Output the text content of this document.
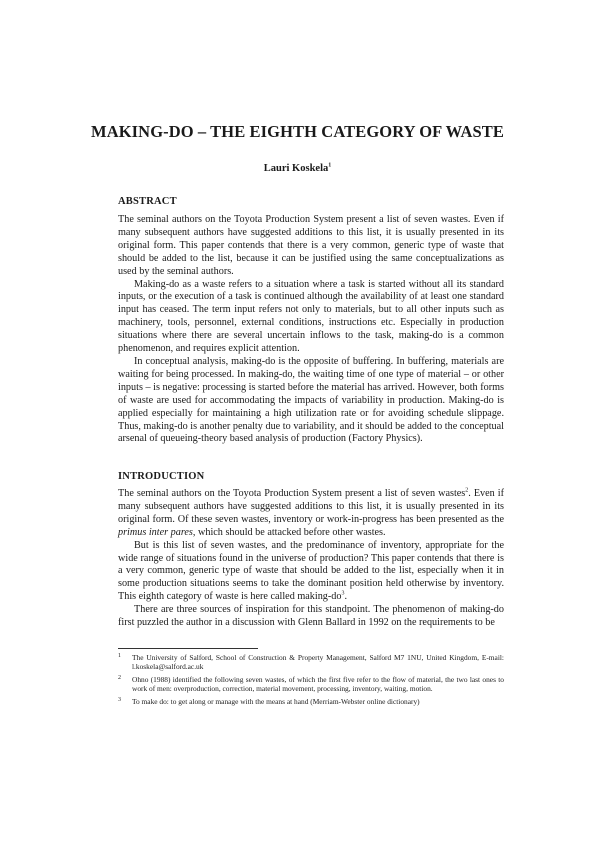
MAKING-DO – THE EIGHTH CATEGORY OF WASTE
Lauri Koskela$^1$
ABSTRACT

The seminal authors on the Toyota Production System present a list of seven wastes. Even if many subsequent authors have suggested additions to this list, it is usually presented in its original form. This paper contends that there is a very common, generic type of waste that should be added to the list, because it can be justified using the same conceptualizations as used by the seminal authors.

Making-do as a waste refers to a situation where a task is started without all its standard inputs, or the execution of a task is continued although the availability of at least one standard input has ceased. The term input refers not only to materials, but to all other inputs such as machinery, tools, personnel, external conditions, instructions etc. Especially in production situations where there are several uncertain inflows to the task, making-do is a common phenomenon, and requires explicit attention.

In conceptual analysis, making-do is the opposite of buffering. In buffering, materials are waiting for being processed. In making-do, the waiting time of one type of material – or other inputs – is negative: processing is started before the material has arrived. However, both forms of waste are used for accommodating the impacts of variability in production. Making-do is applied especially for maintaining a high utilization rate or for avoiding schedule slippage. Thus, making-do is another penalty due to variability, and it should be added to the conceptual arsenal of queueing-theory based analysis of production (Factory Physics).

INTRODUCTION

The seminal authors on the Toyota Production System present a list of seven wastes$^2$. Even if many subsequent authors have suggested additions to this list, it is usually presented in its original form. Of these seven wastes, inventory or work-in-progress has been presented as the primus inter pares, which should be attacked before other wastes.

But is this list of seven wastes, and the predominance of inventory, appropriate for the wide range of situations found in the universe of production? This paper contends that there is a very common, generic type of waste that should be added to the list, especially when it in some production situations seems to take the dominant position held otherwise by inventory. This eighth category of waste is here called making-$do^3$.

There are three sources of inspiration for this standpoint. The phenomenon of making-do first puzzled the author in a discussion with Glenn Ballard in 1992 on the requirements to be

1 The University of Salford, School of Construction & Property Management, Salford M7 1NU, United Kingdom, E-mail: l.koskela@salford.ac.uk

2 Ohno (1988) identified the following seven wastes, of which the first five refer to the flow of material, the two last ones to work of men: overproduction, correction, material movement, processing, inventory, waiting, motion.

3 To make do: to get along or manage with the means at hand (Merriam-Webster online dictionary)
